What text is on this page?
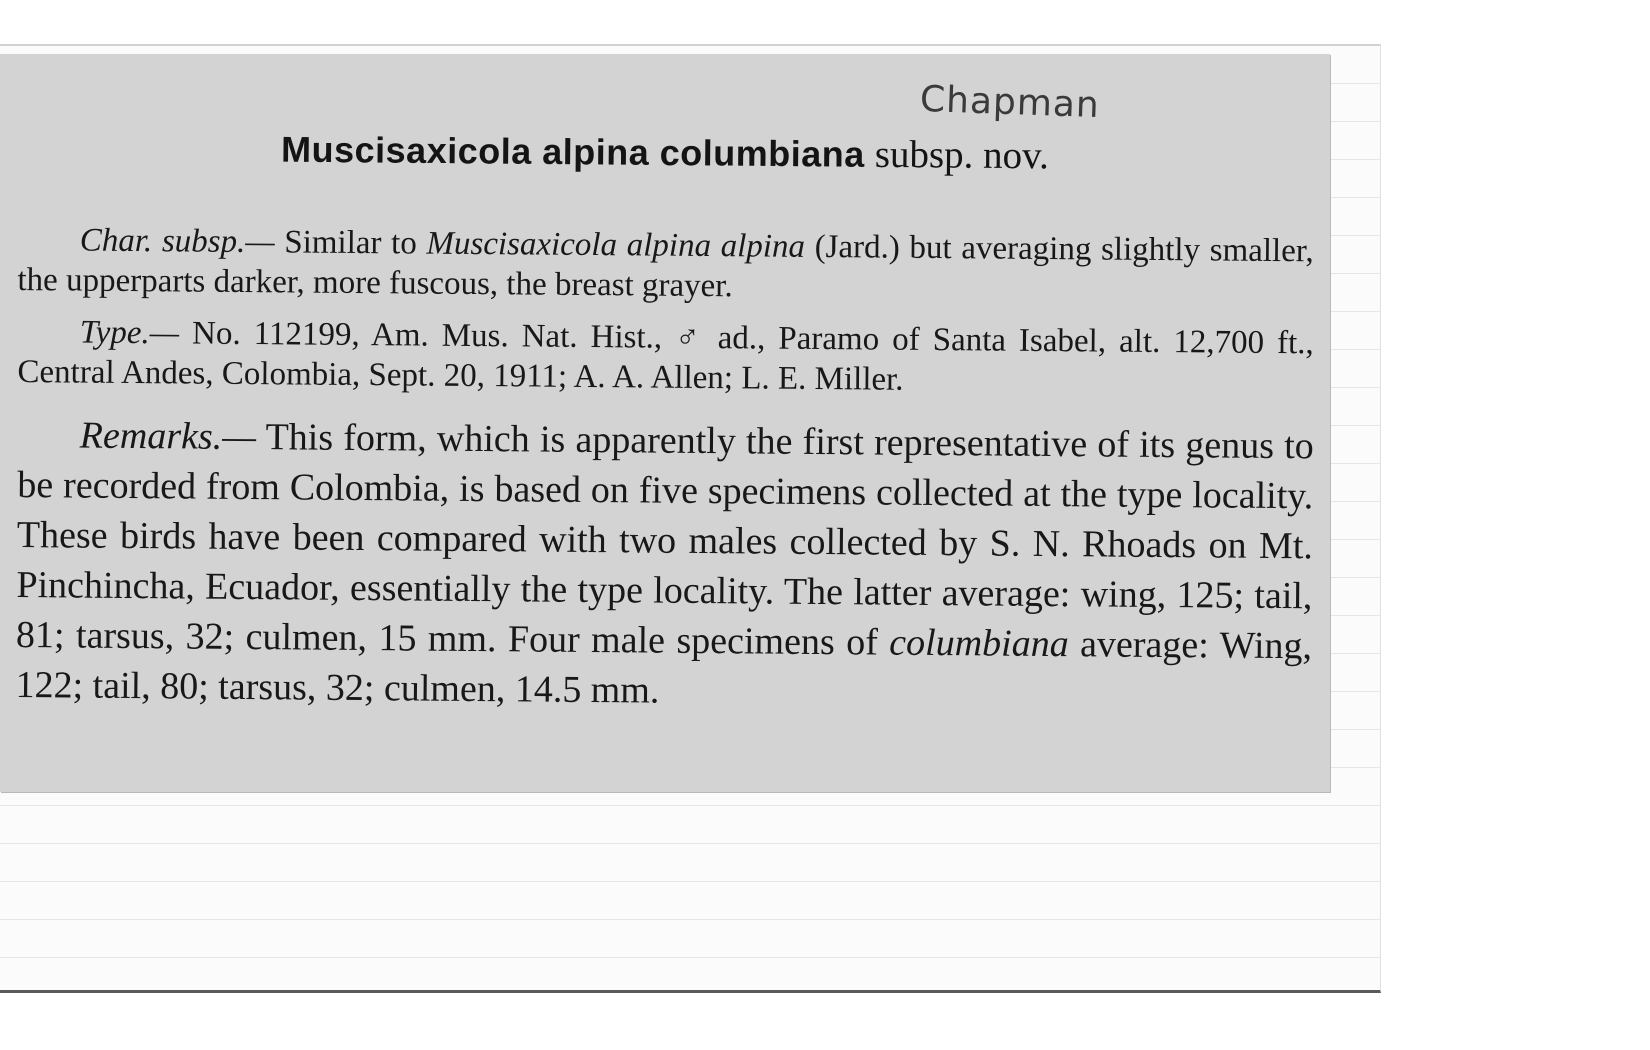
Chapman
Muscisaxicola alpina columbiana subsp. nov.

Char. subsp.— Similar to Muscisaxicola alpina alpina (Jard.) but averaging slightly smaller, the upperparts darker, more fuscous, the breast grayer.

Type.— No. 112199, Am. Mus. Nat. Hist., ♂ ad., Paramo of Santa Isabel, alt. 12,700 ft., Central Andes, Colombia, Sept. 20, 1911; A. A. Allen; L. E. Miller.

Remarks.— This form, which is apparently the first representative of its genus to be recorded from Colombia, is based on five specimens collected at the type locality. These birds have been compared with two males collected by S. N. Rhoads on Mt. Pinchincha, Ecuador, essentially the type locality. The latter average: wing, 125; tail, 81; tarsus, 32; culmen, 15 mm. Four male specimens of columbiana average: Wing, 122; tail, 80; tarsus, 32; culmen, 14.5 mm.
